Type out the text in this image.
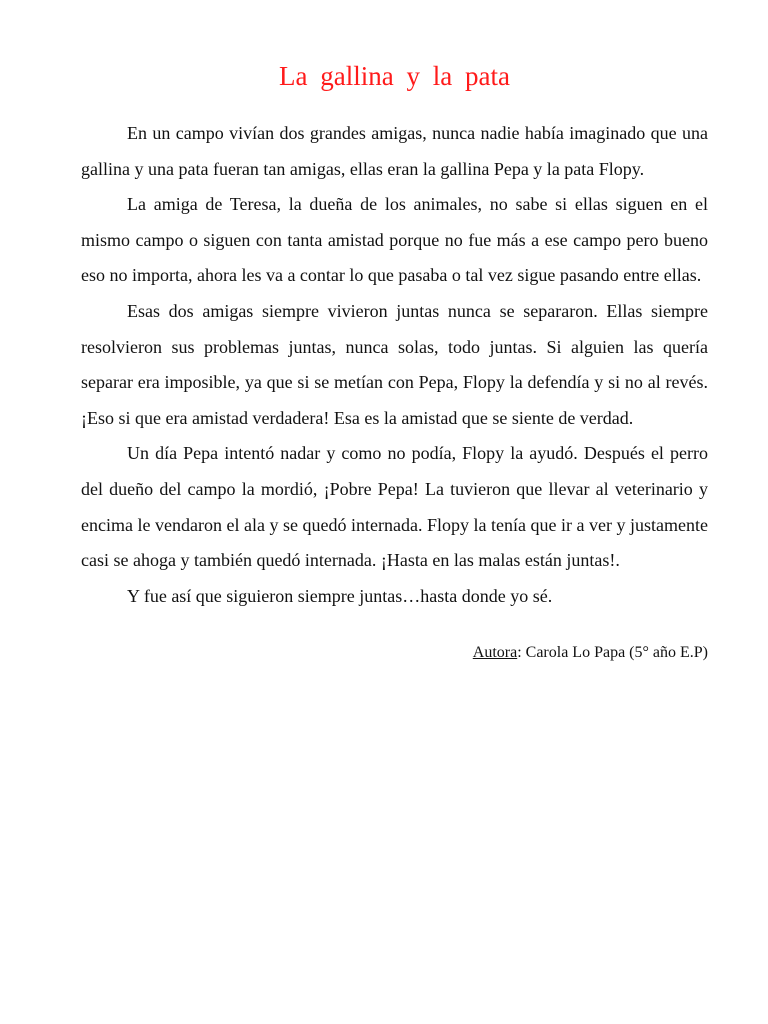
La gallina y la pata

En un campo vivían dos grandes amigas, nunca nadie había imaginado que una gallina y una pata fueran tan amigas, ellas eran la gallina Pepa y la pata Flopy.

La amiga de Teresa, la dueña de los animales, no sabe si ellas siguen en el mismo campo o siguen con tanta amistad porque no fue más a ese campo pero bueno eso no importa, ahora les va a contar lo que pasaba o tal vez sigue pasando entre ellas.

Esas dos amigas siempre vivieron juntas nunca se separaron. Ellas siempre resolvieron sus problemas juntas, nunca solas, todo juntas. Si alguien las quería separar era imposible, ya que si se metían con Pepa, Flopy la defendía y si no al revés. ¡Eso si que era amistad verdadera! Esa es la amistad que se siente de verdad.

Un día Pepa intentó nadar y como no podía, Flopy la ayudó. Después el perro del dueño del campo la mordió, ¡Pobre Pepa! La tuvieron que llevar al veterinario y encima le vendaron el ala y se quedó internada. Flopy la tenía que ir a ver y justamente casi se ahoga y también quedó internada. ¡Hasta en las malas están juntas!.

Y fue así que siguieron siempre juntas…hasta donde yo sé.

Autora: Carola Lo Papa (5° año E.P)
